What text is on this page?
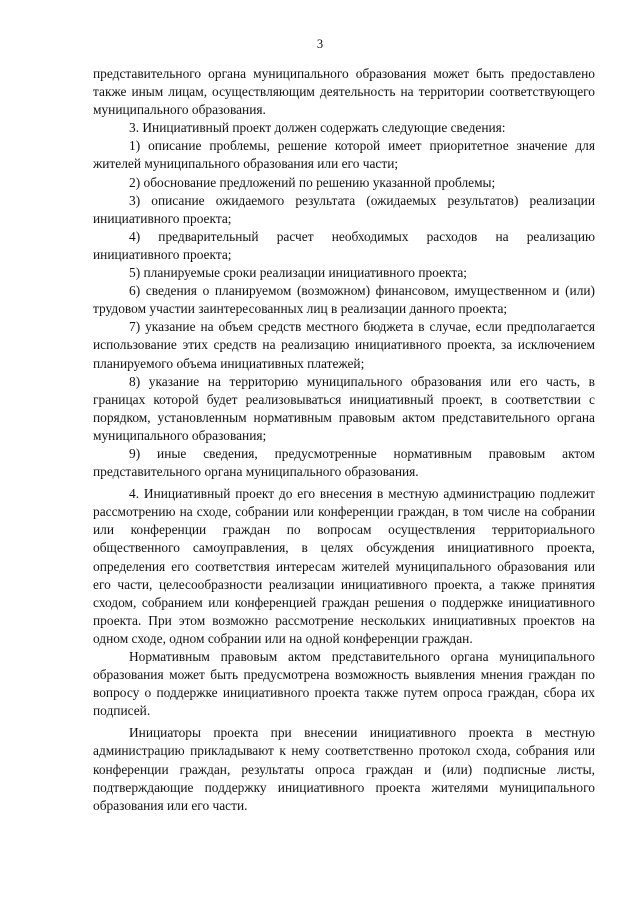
3

представительного органа муниципального образования может быть предоставлено также иным лицам, осуществляющим деятельность на территории соответствующего муниципального образования.

3. Инициативный проект должен содержать следующие сведения:

1) описание проблемы, решение которой имеет приоритетное значение для жителей муниципального образования или его части;

2) обоснование предложений по решению указанной проблемы;

3) описание ожидаемого результата (ожидаемых результатов) реализации инициативного проекта;

4) предварительный расчет необходимых расходов на реализацию инициативного проекта;

5) планируемые сроки реализации инициативного проекта;

6) сведения о планируемом (возможном) финансовом, имущественном и (или) трудовом участии заинтересованных лиц в реализации данного проекта;

7) указание на объем средств местного бюджета в случае, если предполагается использование этих средств на реализацию инициативного проекта, за исключением планируемого объема инициативных платежей;

8) указание на территорию муниципального образования или его часть, в границах которой будет реализовываться инициативный проект, в соответствии с порядком, установленным нормативным правовым актом представительного органа муниципального образования;

9) иные сведения, предусмотренные нормативным правовым актом представительного органа муниципального образования.

4. Инициативный проект до его внесения в местную администрацию подлежит рассмотрению на сходе, собрании или конференции граждан, в том числе на собрании или конференции граждан по вопросам осуществления территориального общественного самоуправления, в целях обсуждения инициативного проекта, определения его соответствия интересам жителей муниципального образования или его части, целесообразности реализации инициативного проекта, а также принятия сходом, собранием или конференцией граждан решения о поддержке инициативного проекта. При этом возможно рассмотрение нескольких инициативных проектов на одном сходе, одном собрании или на одной конференции граждан.

Нормативным правовым актом представительного органа муниципального образования может быть предусмотрена возможность выявления мнения граждан по вопросу о поддержке инициативного проекта также путем опроса граждан, сбора их подписей.

Инициаторы проекта при внесении инициативного проекта в местную администрацию прикладывают к нему соответственно протокол схода, собрания или конференции граждан, результаты опроса граждан и (или) подписные листы, подтверждающие поддержку инициативного проекта жителями муниципального образования или его части.
